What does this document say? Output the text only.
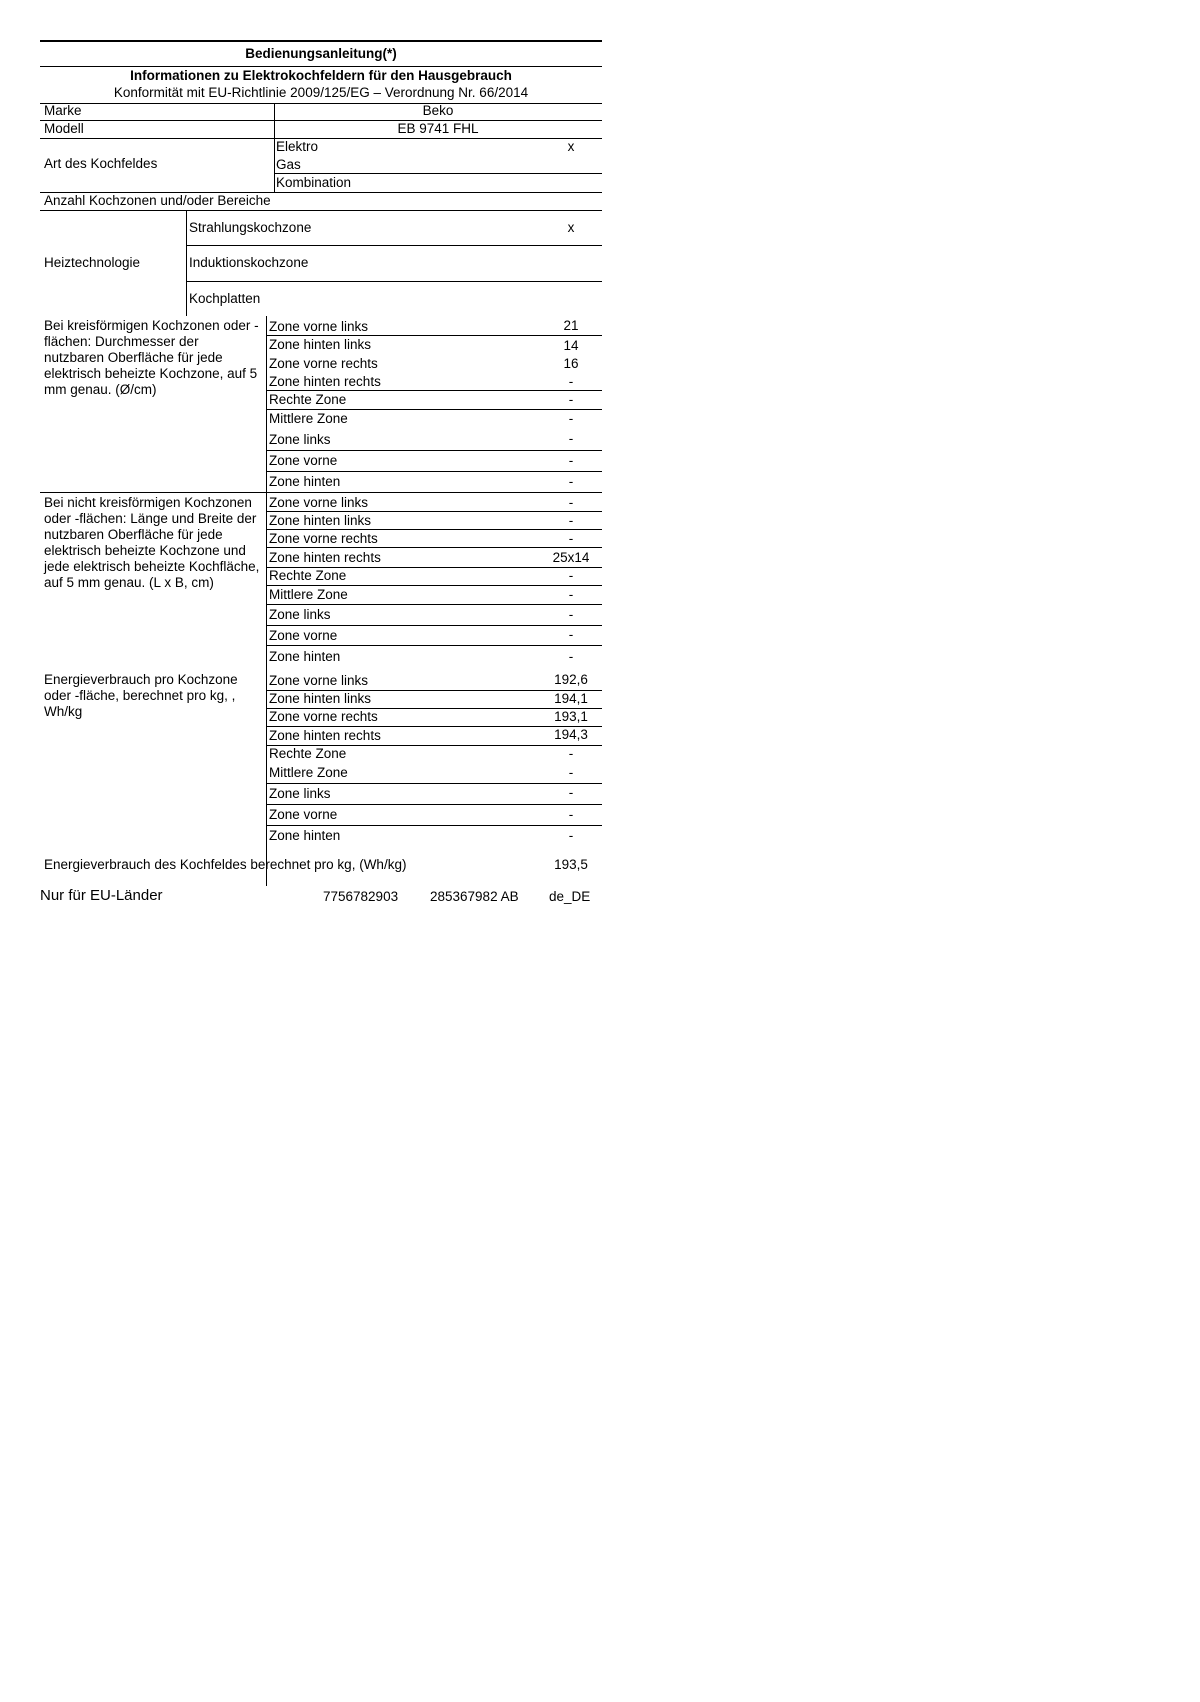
Bedienungsanleitung(*)
Informationen zu Elektrokochfeldern für den Hausgebrauch
Konformität mit EU-Richtlinie 2009/125/EG – Verordnung Nr. 66/2014
Marke	Beko
Modell	EB 9741 FHL
Art des Kochfeldes
Elektro	x
Gas
Kombination
Anzahl Kochzonen und/oder Bereiche
Heiztechnologie
Strahlungskochzone	x
Induktionskochzone
Kochplatten
Bei kreisförmigen Kochzonen oder -flächen: Durchmesser der nutzbaren Oberfläche für jede elektrisch beheizte Kochzone, auf 5 mm genau. (Ø/cm)
Zone vorne links	21
Zone hinten links	14
Zone vorne rechts	16
Zone hinten rechts	-
Rechte Zone	-
Mittlere Zone	-
Zone links	-
Zone vorne	-
Zone hinten	-
Bei nicht kreisförmigen Kochzonen oder -flächen: Länge und Breite der nutzbaren Oberfläche für jede elektrisch beheizte Kochzone und jede elektrisch beheizte Kochfläche, auf 5 mm genau. (L x B, cm)
Zone vorne links	-
Zone hinten links	-
Zone vorne rechts	-
Zone hinten rechts	25x14
Rechte Zone	-
Mittlere Zone	-
Zone links	-
Zone vorne	-
Zone hinten	-
Energieverbrauch pro Kochzone oder -fläche, berechnet pro kg, , Wh/kg
Zone vorne links	192,6
Zone hinten links	194,1
Zone vorne rechts	193,1
Zone hinten rechts	194,3
Rechte Zone	-
Mittlere Zone	-
Zone links	-
Zone vorne	-
Zone hinten	-
Energieverbrauch des Kochfeldes berechnet pro kg, (Wh/kg)	193,5
Nur für EU-Länder	7756782903 285367982 AB de_DE
